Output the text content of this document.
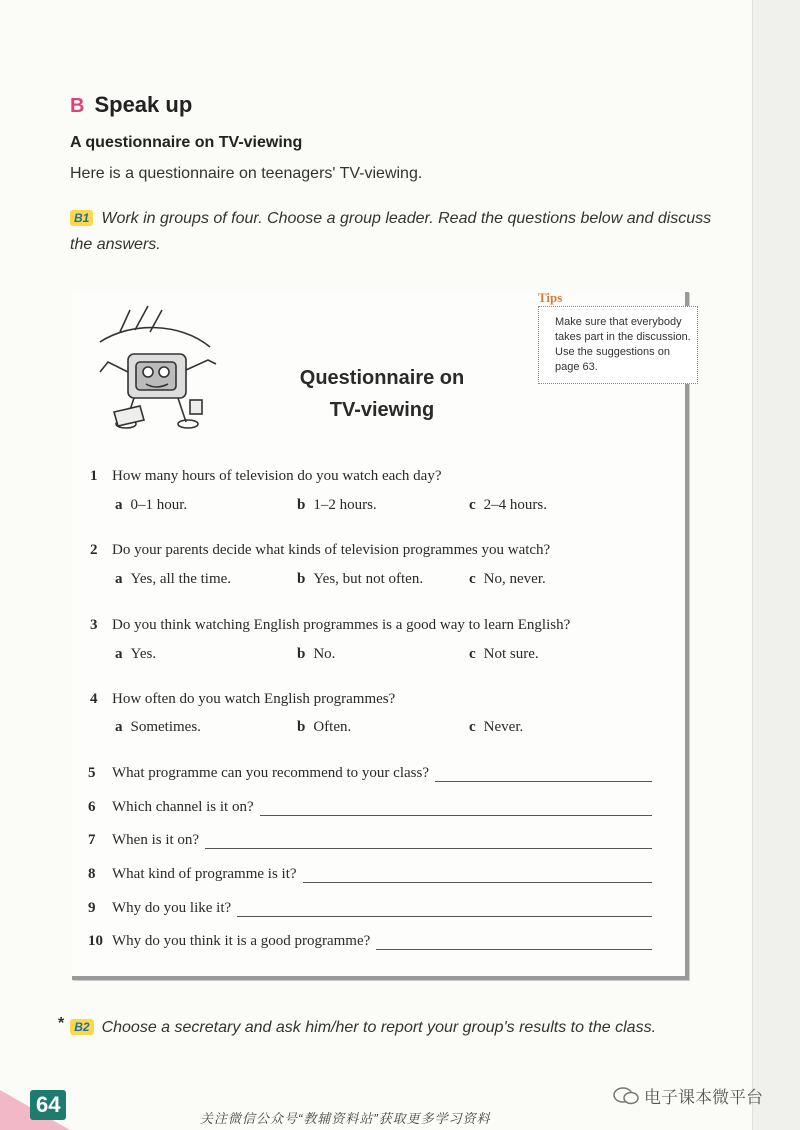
B Speak up
A questionnaire on TV-viewing
Here is a questionnaire on teenagers' TV-viewing.
B1 Work in groups of four. Choose a group leader. Read the questions below and discuss the answers.
Tips
Make sure that everybody takes part in the discussion. Use the suggestions on page 63.
Questionnaire on
TV-viewing
1 How many hours of television do you watch each day?
a 0–1 hour.	b 1–2 hours.	c 2–4 hours.
2 Do your parents decide what kinds of television programmes you watch?
a Yes, all the time.	b Yes, but not often.	c No, never.
3 Do you think watching English programmes is a good way to learn English?
a Yes.	b No.	c Not sure.
4 How often do you watch English programmes?
a Sometimes.	b Often.	c Never.
5	What programme can you recommend to your class?
6	Which channel is it on?
7	When is it on?
8	What kind of programme is it?
9	Why do you like it?
10 Why do you think it is a good programme?
* B2 Choose a secretary and ask him/her to report your group's results to the class.
64	电子课本微平台
关注微信公众号“教辅资料站”获取更多学习资料
